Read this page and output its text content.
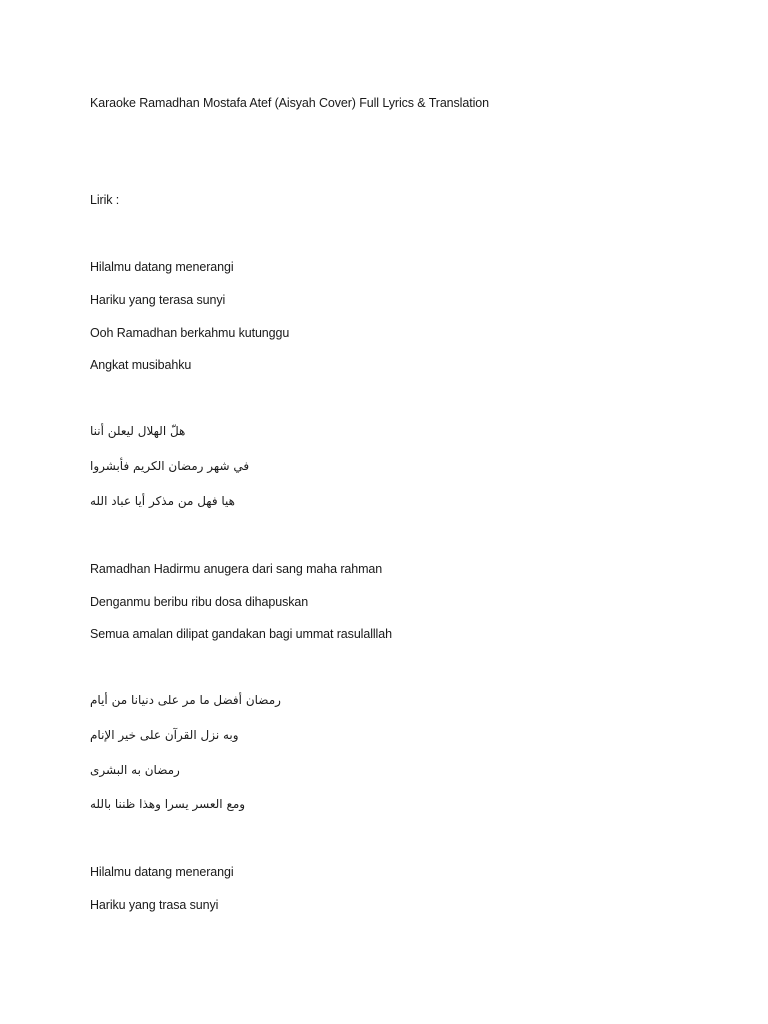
Karaoke Ramadhan Mostafa Atef (Aisyah Cover) Full Lyrics & Translation
Lirik :
Hilalmu datang menerangi
Hariku yang terasa sunyi
Ooh Ramadhan berkahmu kutunggu
Angkat musibahku
هلّ الهلال ليعلن أننا
في شهر رمضان الكريم فأبشروا
هيا فهل من مذكر أيا عباد الله
Ramadhan Hadirmu anugera dari sang maha rahman
Denganmu beribu ribu dosa dihapuskan
Semua amalan dilipat gandakan bagi ummat rasulalllah
رمضان أفضل ما مر على دنيانا من أيام
وبه نزل القرآن على خير الإنام
رمضان به البشرى
ومع العسر يسرا وهذا ظننا بالله
Hilalmu datang menerangi
Hariku yang trasa sunyi
